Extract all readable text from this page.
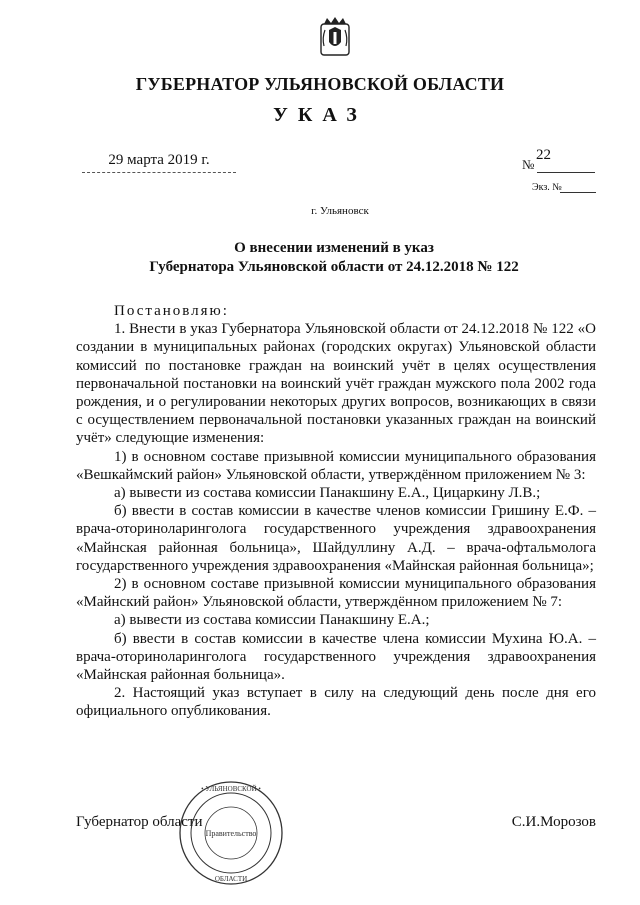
ГУБЕРНАТОР УЛЬЯНОВСКОЙ ОБЛАСТИ
УКАЗ
29 марта 2019 г.	№
22
Экз. №
г. Ульяновск
О внесении изменений в указ
Губернатора Ульяновской области от 24.12.2018 № 122

Постановляю:

1. Внести в указ Губернатора Ульяновской области от 24.12.2018 № 122 «О создании в муниципальных районах (городских округах) Ульяновской области комиссий по постановке граждан на воинский учёт в целях осуществления первоначальной постановки на воинский учёт граждан мужского пола 2002 года рождения, и о регулировании некоторых других вопросов, возникающих в связи с осуществлением первоначальной постановки указанных граждан на воинский учёт» следующие изменения:

1) в основном составе призывной комиссии муниципального образования «Вешкаймский район» Ульяновской области, утверждённом приложением № 3:

а) вывести из состава комиссии Панакшину Е.А., Цицаркину Л.В.;

б) ввести в состав комиссии в качестве членов комиссии Гришину Е.Ф. – врача-оториноларинголога государственного учреждения здравоохранения «Майнская районная больница», Шайдуллину А.Д. – врача-офтальмолога государственного учреждения здравоохранения «Майнская районная больница»;

2) в основном составе призывной комиссии муниципального образования «Майнский район» Ульяновской области, утверждённом приложением № 7:

а) вывести из состава комиссии Панакшину Е.А.;

б) ввести в состав комиссии в качестве члена комиссии Мухина Ю.А. – врача-оториноларинголога государственного учреждения здравоохранения «Майнская районная больница».

2. Настоящий указ вступает в силу на следующий день после дня его официального опубликования.

Губернатор области	С.И.Морозов
• УЛЬЯНОВСКОЙ •
ОБЛАСТИ
Правительство
